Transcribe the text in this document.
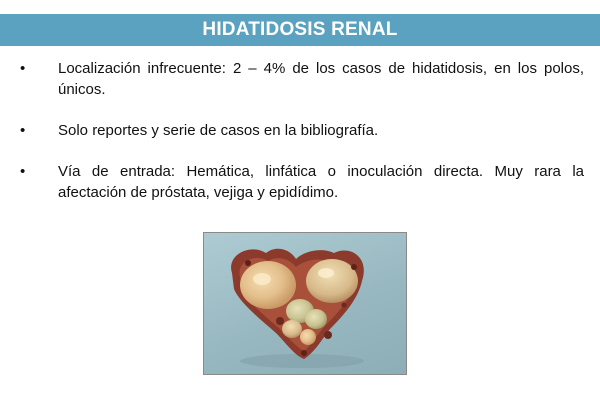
HIDATIDOSIS RENAL
•	Localización infrecuente: 2 – 4% de los casos de hidatidosis, en los polos, únicos.
•	Solo reportes y serie de casos en la bibliografía.
•	Vía de entrada: Hemática, linfática o inoculación directa. Muy rara la afectación de próstata, vejiga y epidídimo.
